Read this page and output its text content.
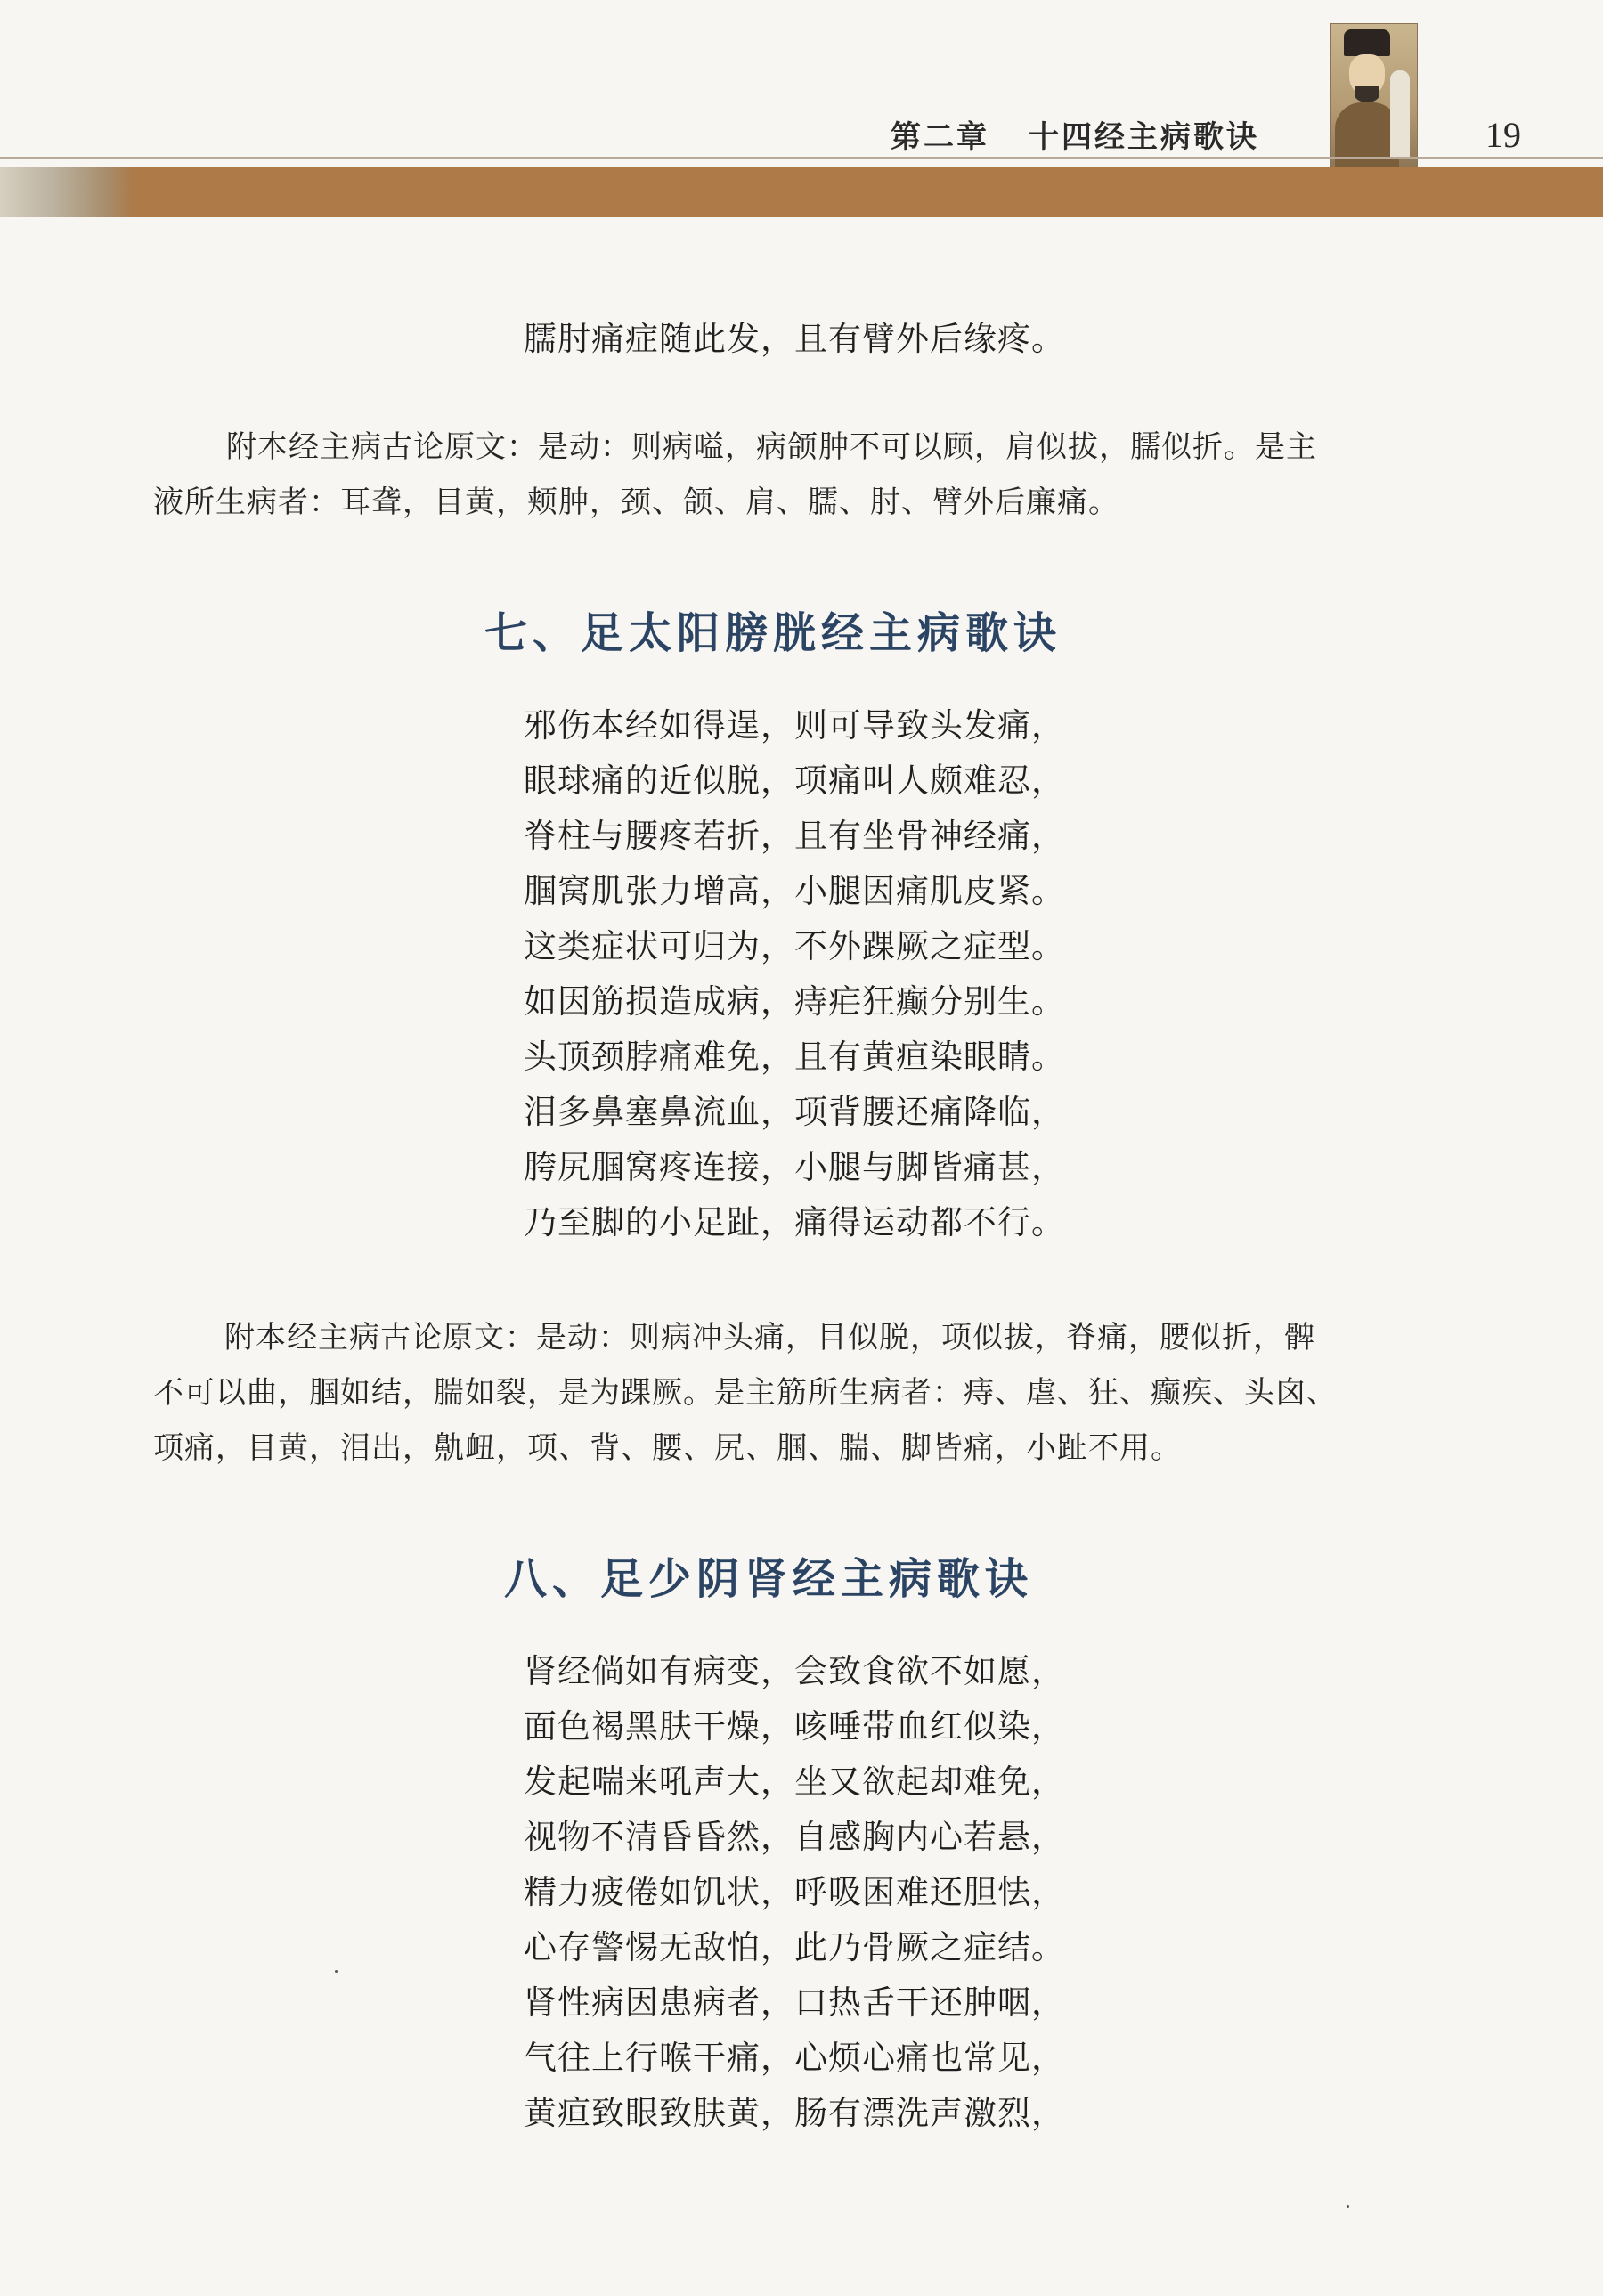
第二章 十四经主病歌诀	19
臑肘痛症随此发，且有臂外后缘疼。
附本经主病古论原文：是动：则病嗌，病颌肿不可以顾，肩似拔，臑似折。是主
液所生病者：耳聋，目黄，颊肿，颈、颌、肩、臑、肘、臂外后廉痛。
七、足太阳膀胱经主病歌诀
邪伤本经如得逞，则可导致头发痛，
眼球痛的近似脱，项痛叫人颇难忍，
脊柱与腰疼若折，且有坐骨神经痛，
腘窝肌张力增高，小腿因痛肌皮紧。
这类症状可归为，不外踝厥之症型。
如因筋损造成病，痔疟狂癫分别生。
头顶颈脖痛难免，且有黄疸染眼睛。
泪多鼻塞鼻流血，项背腰还痛降临，
胯尻腘窝疼连接，小腿与脚皆痛甚，
乃至脚的小足趾，痛得运动都不行。
附本经主病古论原文：是动：则病冲头痛，目似脱，项似拔，脊痛，腰似折，髀
不可以曲，腘如结，腨如裂，是为踝厥。是主筋所生病者：痔、虐、狂、癫疾、头囟、
项痛，目黄，泪出，鼽衄，项、背、腰、尻、腘、腨、脚皆痛，小趾不用。
八、足少阴肾经主病歌诀
肾经倘如有病变，会致食欲不如愿，
面色褐黑肤干燥，咳唾带血红似染，
发起喘来吼声大，坐又欲起却难免，
视物不清昏昏然，自感胸内心若悬，
精力疲倦如饥状，呼吸困难还胆怯，
心存警惕无敌怕，此乃骨厥之症结。
肾性病因患病者，口热舌干还肿咽，
气往上行喉干痛，心烦心痛也常见，
黄疸致眼致肤黄，肠有漂洗声激烈，
